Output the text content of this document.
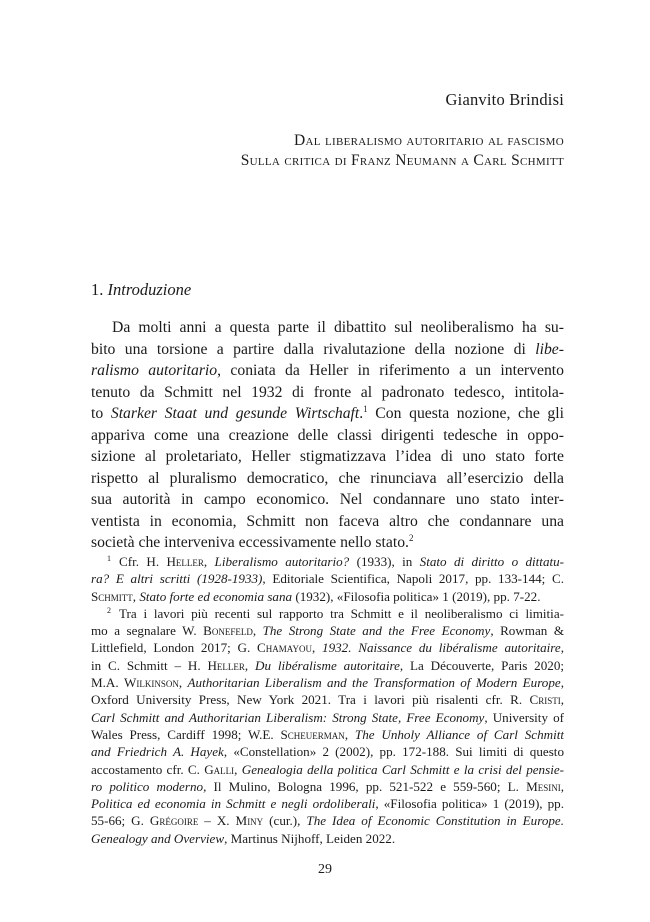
Gianvito Brindisi
Dal liberalismo autoritario al fascismo
Sulla critica di Franz Neumann a Carl Schmitt
1. Introduzione
Da molti anni a questa parte il dibattito sul neoliberalismo ha su-
bito una torsione a partire dalla rivalutazione della nozione di libe-
ralismo autoritario, coniata da Heller in riferimento a un intervento
tenuto da Schmitt nel 1932 di fronte al padronato tedesco, intitola-
to Starker Staat und gesunde Wirtschaft.$^1$ Con questa nozione, che gli
appariva come una creazione delle classi dirigenti tedesche in oppo-
sizione al proletariato, Heller stigmatizzava l’idea di uno stato forte
rispetto al pluralismo democratico, che rinunciava all’esercizio della
sua autorità in campo economico. Nel condannare uno stato inter-
ventista in economia, Schmitt non faceva altro che condannare una
società che interveniva eccessivamente nello stato.$^2$
$^1$ Cfr. H. Heller, Liberalismo autoritario? (1933), in Stato di diritto o dittatu-
ra? E altri scritti (1928-1933), Editoriale Scientifica, Napoli 2017, pp. 133-144; C.
Schmitt, Stato forte ed economia sana (1932), «Filosofia politica» 1 (2019), pp. 7-22.
$^2$ Tra i lavori più recenti sul rapporto tra Schmitt e il neoliberalismo ci limitia-
mo a segnalare W. Bonefeld, The Strong State and the Free Economy, Rowman &
Littlefield, London 2017; G. Chamayou, 1932. Naissance du libéralisme autoritaire,
in C. Schmitt – H. Heller, Du libéralisme autoritaire, La Découverte, Paris 2020;
M.A. Wilkinson, Authoritarian Liberalism and the Transformation of Modern Europe,
Oxford University Press, New York 2021. Tra i lavori più risalenti cfr. R. Cristi,
Carl Schmitt and Authoritarian Liberalism: Strong State, Free Economy, University of
Wales Press, Cardiff 1998; W.E. Scheuerman, The Unholy Alliance of Carl Schmitt
and Friedrich A. Hayek, «Constellation» 2 (2002), pp. 172-188. Sui limiti di questo
accostamento cfr. C. Galli, Genealogia della politica Carl Schmitt e la crisi del pensie-
ro politico moderno, Il Mulino, Bologna 1996, pp. 521-522 e 559-560; L. Mesini,
Politica ed economia in Schmitt e negli ordoliberali, «Filosofia politica» 1 (2019), pp.
55-66; G. Grégoire – X. Miny (cur.), The Idea of Economic Constitution in Europe.
Genealogy and Overview, Martinus Nijhoff, Leiden 2022.
29
